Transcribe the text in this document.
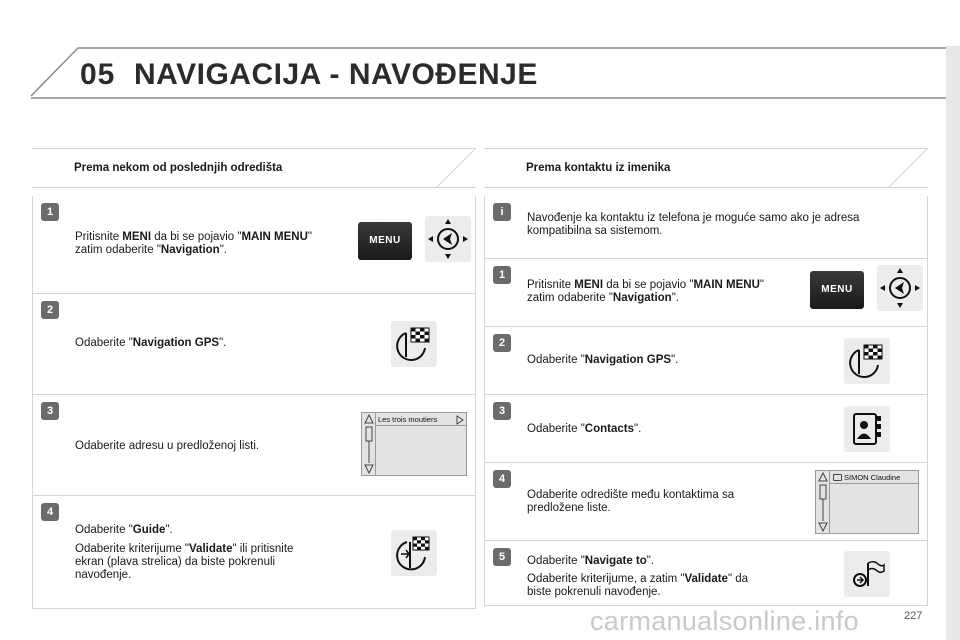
05 NAVIGACIJA - NAVOĐENJE
Prema nekom od poslednjih odredišta
1
Pritisnite MENI da bi se pojavio "MAIN MENU"
zatim odaberite "Navigation".
MENU
2
Odaberite "Navigation GPS".
3
Odaberite adresu u predloženoj listi.
Les trois moutiers
4
Odaberite "Guide".
Odaberite kriterijume "Validate" ili pritisnite
ekran (plava strelica) da biste pokrenuli
navođenje.
Prema kontaktu iz imenika
i	Navođenje ka kontaktu iz telefona je moguće samo ako je adresa
kompatibilna sa sistemom.
1
Pritisnite MENI da bi se pojavio "MAIN MENU"
zatim odaberite "Navigation".
MENU
2
Odaberite "Navigation GPS".
3
Odaberite "Contacts".
4
Odaberite odredište među kontaktima sa
predložene liste.
SIMON Claudine
5	Odaberite "Navigate to".
Odaberite kriterijume, a zatim "Validate" da
biste pokrenuli navođenje.
carmanualsonline.info	227
